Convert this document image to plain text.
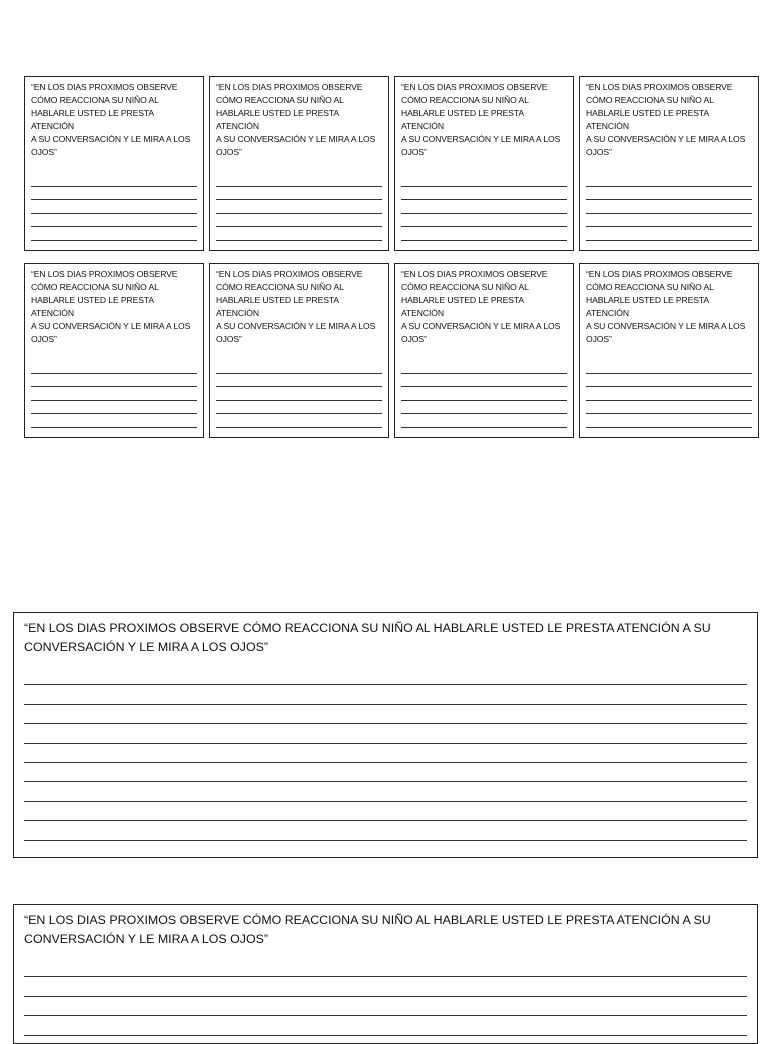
“EN LOS DIAS PROXIMOS OBSERVE
CÓMO REACCIONA SU NIÑO AL
HABLARLE USTED LE PRESTA ATENCIÓN
A SU CONVERSACIÓN Y LE MIRA A LOS
OJOS”

“EN LOS DIAS PROXIMOS OBSERVE
CÓMO REACCIONA SU NIÑO AL
HABLARLE USTED LE PRESTA ATENCIÓN
A SU CONVERSACIÓN Y LE MIRA A LOS
OJOS”

“EN LOS DIAS PROXIMOS OBSERVE
CÓMO REACCIONA SU NIÑO AL
HABLARLE USTED LE PRESTA ATENCIÓN
A SU CONVERSACIÓN Y LE MIRA A LOS
OJOS”

“EN LOS DIAS PROXIMOS OBSERVE
CÓMO REACCIONA SU NIÑO AL
HABLARLE USTED LE PRESTA ATENCIÓN
A SU CONVERSACIÓN Y LE MIRA A LOS
OJOS”

“EN LOS DIAS PROXIMOS OBSERVE
CÓMO REACCIONA SU NIÑO AL
HABLARLE USTED LE PRESTA ATENCIÓN
A SU CONVERSACIÓN Y LE MIRA A LOS
OJOS”

“EN LOS DIAS PROXIMOS OBSERVE
CÓMO REACCIONA SU NIÑO AL
HABLARLE USTED LE PRESTA ATENCIÓN
A SU CONVERSACIÓN Y LE MIRA A LOS
OJOS”

“EN LOS DIAS PROXIMOS OBSERVE
CÓMO REACCIONA SU NIÑO AL
HABLARLE USTED LE PRESTA ATENCIÓN
A SU CONVERSACIÓN Y LE MIRA A LOS
OJOS”

“EN LOS DIAS PROXIMOS OBSERVE
CÓMO REACCIONA SU NIÑO AL
HABLARLE USTED LE PRESTA ATENCIÓN
A SU CONVERSACIÓN Y LE MIRA A LOS
OJOS”

“EN LOS DIAS PROXIMOS OBSERVE CÓMO REACCIONA SU NIÑO AL HABLARLE USTED LE PRESTA ATENCIÓN A SU
CONVERSACIÓN Y LE MIRA A LOS OJOS”

“EN LOS DIAS PROXIMOS OBSERVE CÓMO REACCIONA SU NIÑO AL HABLARLE USTED LE PRESTA ATENCIÓN A SU
CONVERSACIÓN Y LE MIRA A LOS OJOS”
